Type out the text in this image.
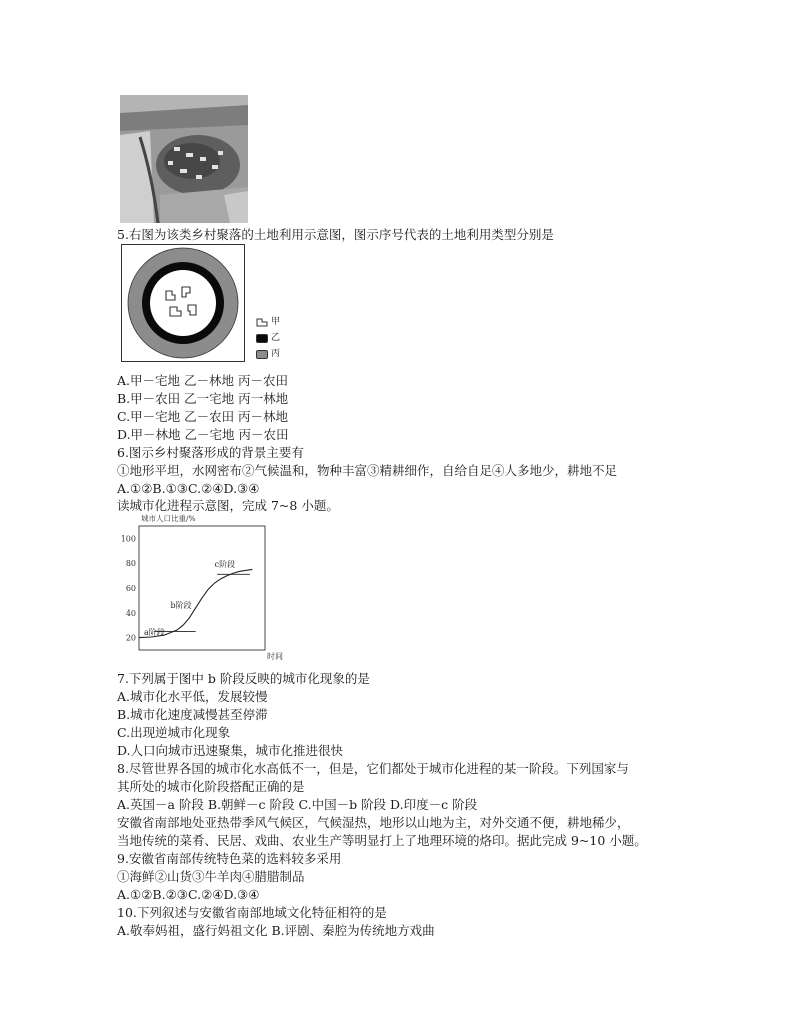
5.右图为该类乡村聚落的土地利用示意图，图示序号代表的土地利用类型分别是
甲
乙
丙
A.甲－宅地 乙－林地 丙－农田
B.甲－农田 乙一宅地 丙一林地
C.甲－宅地 乙－农田 丙－林地
D.甲－林地 乙－宅地 丙－农田
6.图示乡村聚落形成的背景主要有
①地形平坦，水网密布②气候温和，物种丰富③精耕细作，自给自足④人多地少，耕地不足
A.①②B.①③C.②④D.③④
读城市化进程示意图，完成 7~8 小题。
城市人口比重/%
时间
20
40
60
80
100
a阶段
b阶段
c阶段
7.下列属于图中 b 阶段反映的城市化现象的是
A.城市化水平低，发展较慢
B.城市化速度减慢甚至停滞
C.出现逆城市化现象
D.人口向城市迅速聚集，城市化推进很快
8.尽管世界各国的城市化水高低不一，但是，它们都处于城市化进程的某一阶段。下列国家与
其所处的城市化阶段搭配正确的是
A.英国－a 阶段 B.朝鲜－c 阶段 C.中国－b 阶段 D.印度－c 阶段
安徽省南部地处亚热带季风气候区，气候湿热，地形以山地为主，对外交通不便，耕地稀少，
当地传统的菜肴、民居、戏曲、农业生产等明显打上了地理环境的烙印。据此完成 9~10 小题。
9.安徽省南部传统特色菜的选料较多采用
①海鲜②山货③牛羊肉④腊腊制品
A.①②B.②③C.②④D.③④
10.下列叙述与安徽省南部地域文化特征相符的是
A.敬奉妈祖，盛行妈祖文化 B.评剧、秦腔为传统地方戏曲
